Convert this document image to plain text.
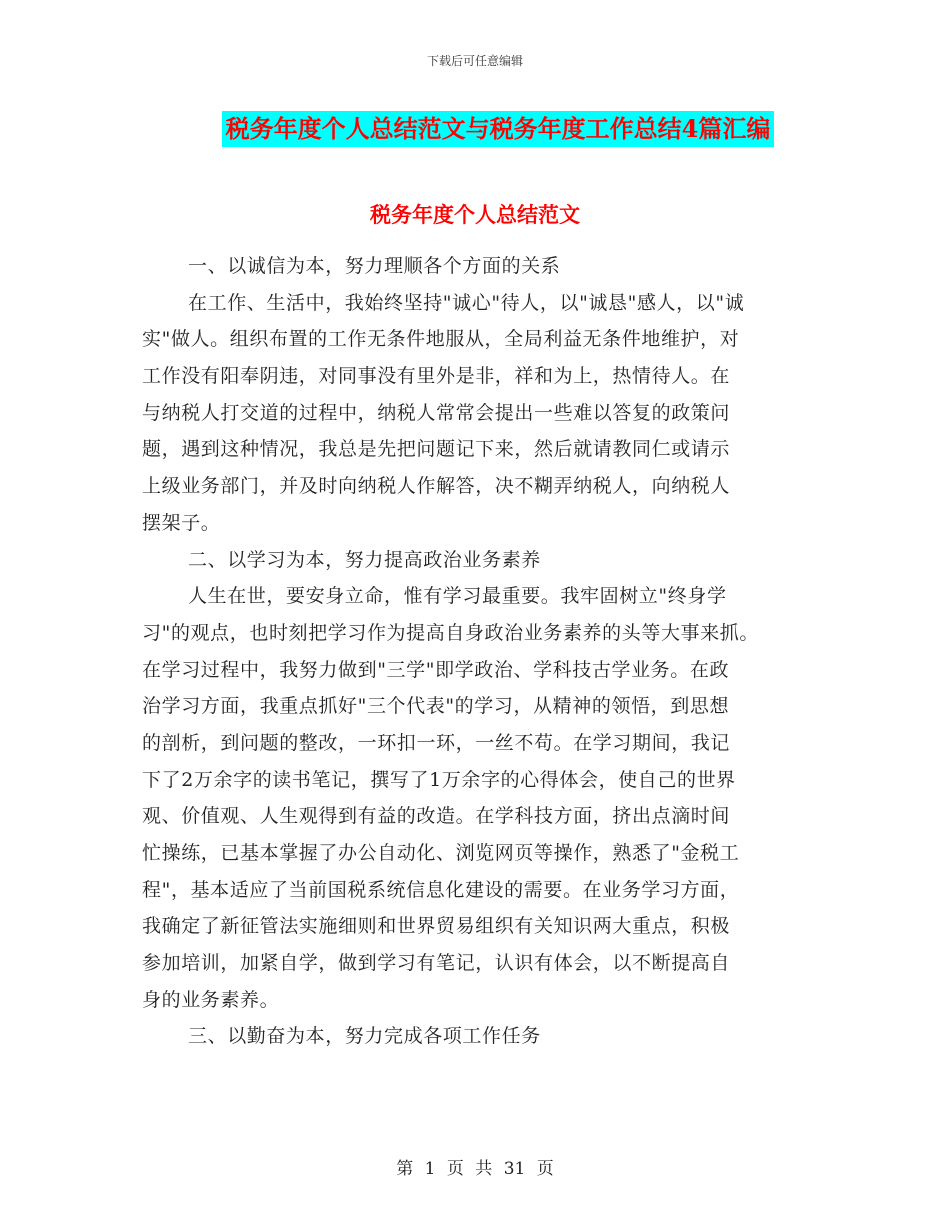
下载后可任意编辑
税务年度个人总结范文与税务年度工作总结4篇汇编
税务年度个人总结范文
一、以诚信为本，努力理顺各个方面的关系
在工作、生活中，我始终坚持"诚心"待人，以"诚恳"感人，以"诚
实"做人。组织布置的工作无条件地服从，全局利益无条件地维护，对
工作没有阳奉阴违，对同事没有里外是非，祥和为上，热情待人。在
与纳税人打交道的过程中，纳税人常常会提出一些难以答复的政策问
题，遇到这种情况，我总是先把问题记下来，然后就请教同仁或请示
上级业务部门，并及时向纳税人作解答，决不糊弄纳税人，向纳税人
摆架子。
二、以学习为本，努力提高政治业务素养
人生在世，要安身立命，惟有学习最重要。我牢固树立"终身学
习"的观点，也时刻把学习作为提高自身政治业务素养的头等大事来抓。
在学习过程中，我努力做到"三学"即学政治、学科技古学业务。在政
治学习方面，我重点抓好"三个代表"的学习，从精神的领悟，到思想
的剖析，到问题的整改，一环扣一环，一丝不苟。在学习期间，我记
下了2万余字的读书笔记，撰写了1万余字的心得体会，使自己的世界
观、价值观、人生观得到有益的改造。在学科技方面，挤出点滴时间
忙操练，已基本掌握了办公自动化、浏览网页等操作，熟悉了"金税工
程"，基本适应了当前国税系统信息化建设的需要。在业务学习方面，
我确定了新征管法实施细则和世界贸易组织有关知识两大重点，积极
参加培训，加紧自学，做到学习有笔记，认识有体会，以不断提高自
身的业务素养。
三、以勤奋为本，努力完成各项工作任务
第 1 页 共 31 页
